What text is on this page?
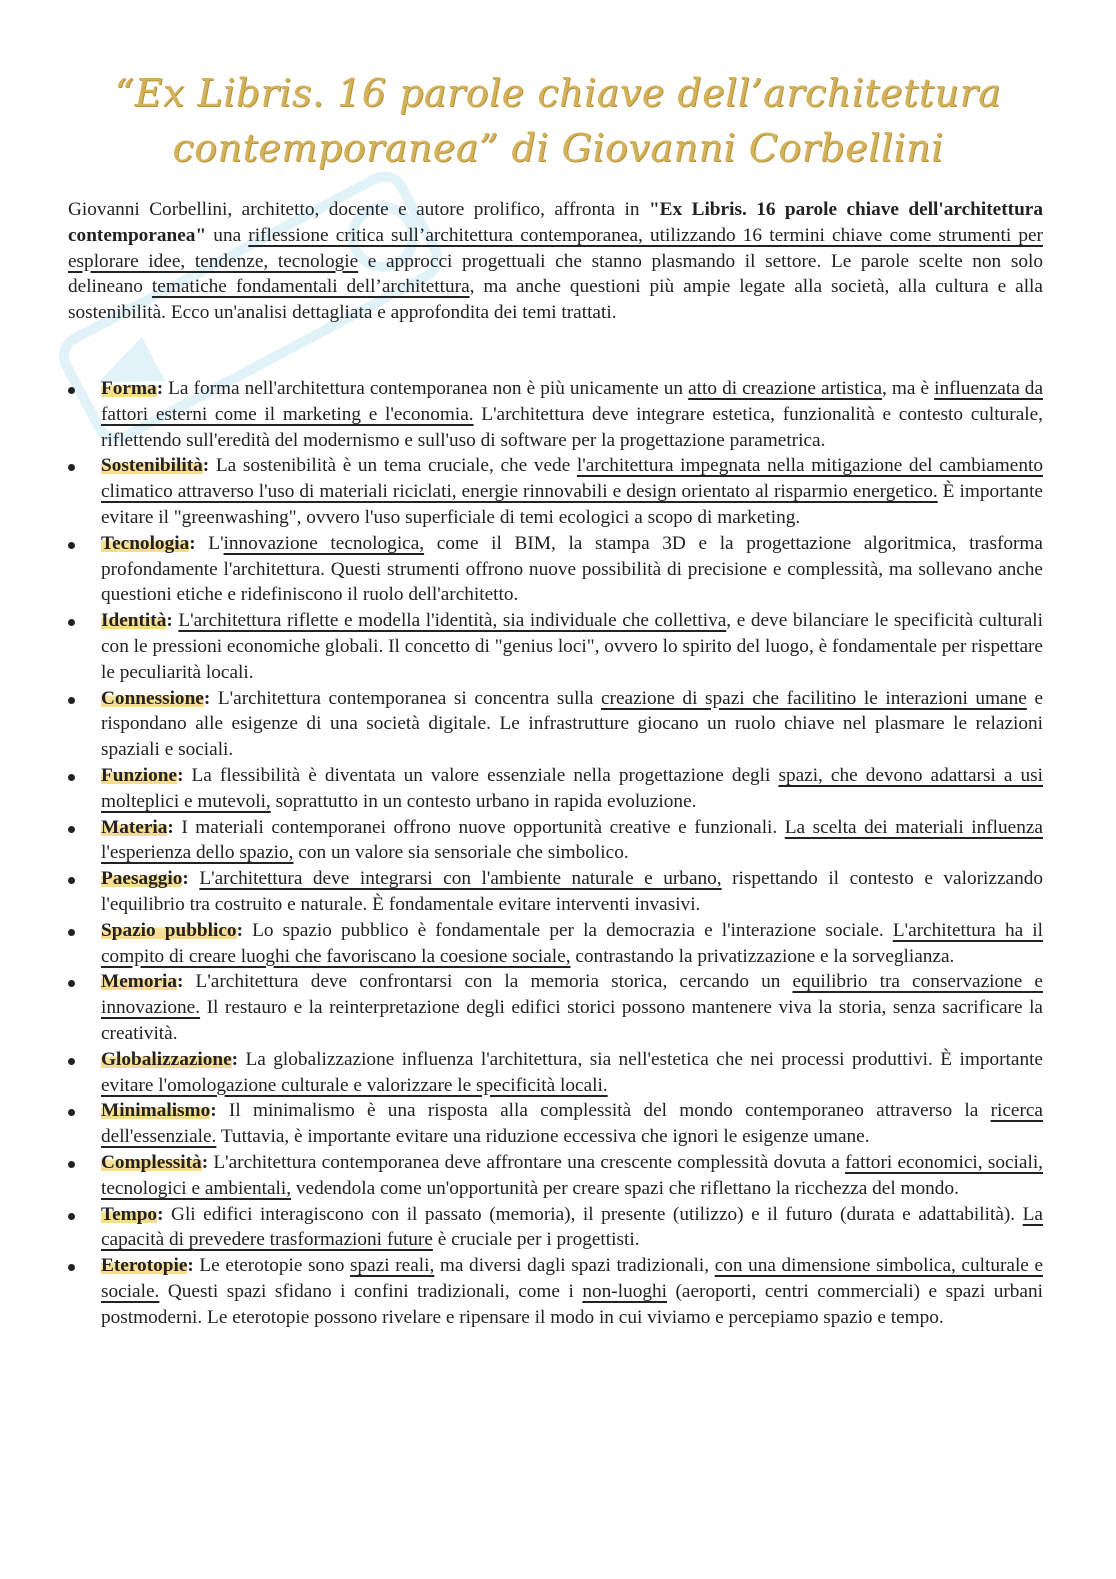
“Ex Libris. 16 parole chiave dell’architettura contemporanea” di Giovanni Corbellini

Giovanni Corbellini, architetto, docente e autore prolifico, affronta in "Ex Libris. 16 parole chiave dell'architettura contemporanea" una riflessione critica sull’architettura contemporanea, utilizzando 16 termini chiave come strumenti per esplorare idee, tendenze, tecnologie e approcci progettuali che stanno plasmando il settore. Le parole scelte non solo delineano tematiche fondamentali dell’architettura, ma anche questioni più ampie legate alla società, alla cultura e alla sostenibilità. Ecco un'analisi dettagliata e approfondita dei temi trattati.

Forma: La forma nell'architettura contemporanea non è più unicamente un atto di creazione artistica, ma è influenzata da fattori esterni come il marketing e l'economia. L'architettura deve integrare estetica, funzionalità e contesto culturale, riflettendo sull'eredità del modernismo e sull'uso di software per la progettazione parametrica.
Sostenibilità: La sostenibilità è un tema cruciale, che vede l'architettura impegnata nella mitigazione del cambiamento climatico attraverso l'uso di materiali riciclati, energie rinnovabili e design orientato al risparmio energetico. È importante evitare il "greenwashing", ovvero l'uso superficiale di temi ecologici a scopo di marketing.
Tecnologia: L'innovazione tecnologica, come il BIM, la stampa 3D e la progettazione algoritmica, trasforma profondamente l'architettura. Questi strumenti offrono nuove possibilità di precisione e complessità, ma sollevano anche questioni etiche e ridefiniscono il ruolo dell'architetto.
Identità: L'architettura riflette e modella l'identità, sia individuale che collettiva, e deve bilanciare le specificità culturali con le pressioni economiche globali. Il concetto di "genius loci", ovvero lo spirito del luogo, è fondamentale per rispettare le peculiarità locali.
Connessione: L'architettura contemporanea si concentra sulla creazione di spazi che facilitino le interazioni umane e rispondano alle esigenze di una società digitale. Le infrastrutture giocano un ruolo chiave nel plasmare le relazioni spaziali e sociali.
Funzione: La flessibilità è diventata un valore essenziale nella progettazione degli spazi, che devono adattarsi a usi molteplici e mutevoli, soprattutto in un contesto urbano in rapida evoluzione.
Materia: I materiali contemporanei offrono nuove opportunità creative e funzionali. La scelta dei materiali influenza l'esperienza dello spazio, con un valore sia sensoriale che simbolico.
Paesaggio: L'architettura deve integrarsi con l'ambiente naturale e urbano, rispettando il contesto e valorizzando l'equilibrio tra costruito e naturale. È fondamentale evitare interventi invasivi.
Spazio pubblico: Lo spazio pubblico è fondamentale per la democrazia e l'interazione sociale. L'architettura ha il compito di creare luoghi che favoriscano la coesione sociale, contrastando la privatizzazione e la sorveglianza.
Memoria: L'architettura deve confrontarsi con la memoria storica, cercando un equilibrio tra conservazione e innovazione. Il restauro e la reinterpretazione degli edifici storici possono mantenere viva la storia, senza sacrificare la creatività.
Globalizzazione: La globalizzazione influenza l'architettura, sia nell'estetica che nei processi produttivi. È importante evitare l'omologazione culturale e valorizzare le specificità locali.
Minimalismo: Il minimalismo è una risposta alla complessità del mondo contemporaneo attraverso la ricerca dell'essenziale. Tuttavia, è importante evitare una riduzione eccessiva che ignori le esigenze umane.
Complessità: L'architettura contemporanea deve affrontare una crescente complessità dovuta a fattori economici, sociali, tecnologici e ambientali, vedendola come un'opportunità per creare spazi che riflettano la ricchezza del mondo.
Tempo: Gli edifici interagiscono con il passato (memoria), il presente (utilizzo) e il futuro (durata e adattabilità). La capacità di prevedere trasformazioni future è cruciale per i progettisti.
Eterotopie: Le eterotopie sono spazi reali, ma diversi dagli spazi tradizionali, con una dimensione simbolica, culturale e sociale. Questi spazi sfidano i confini tradizionali, come i non-luoghi (aeroporti, centri commerciali) e spazi urbani postmoderni. Le eterotopie possono rivelare e ripensare il modo in cui viviamo e percepiamo spazio e tempo.
